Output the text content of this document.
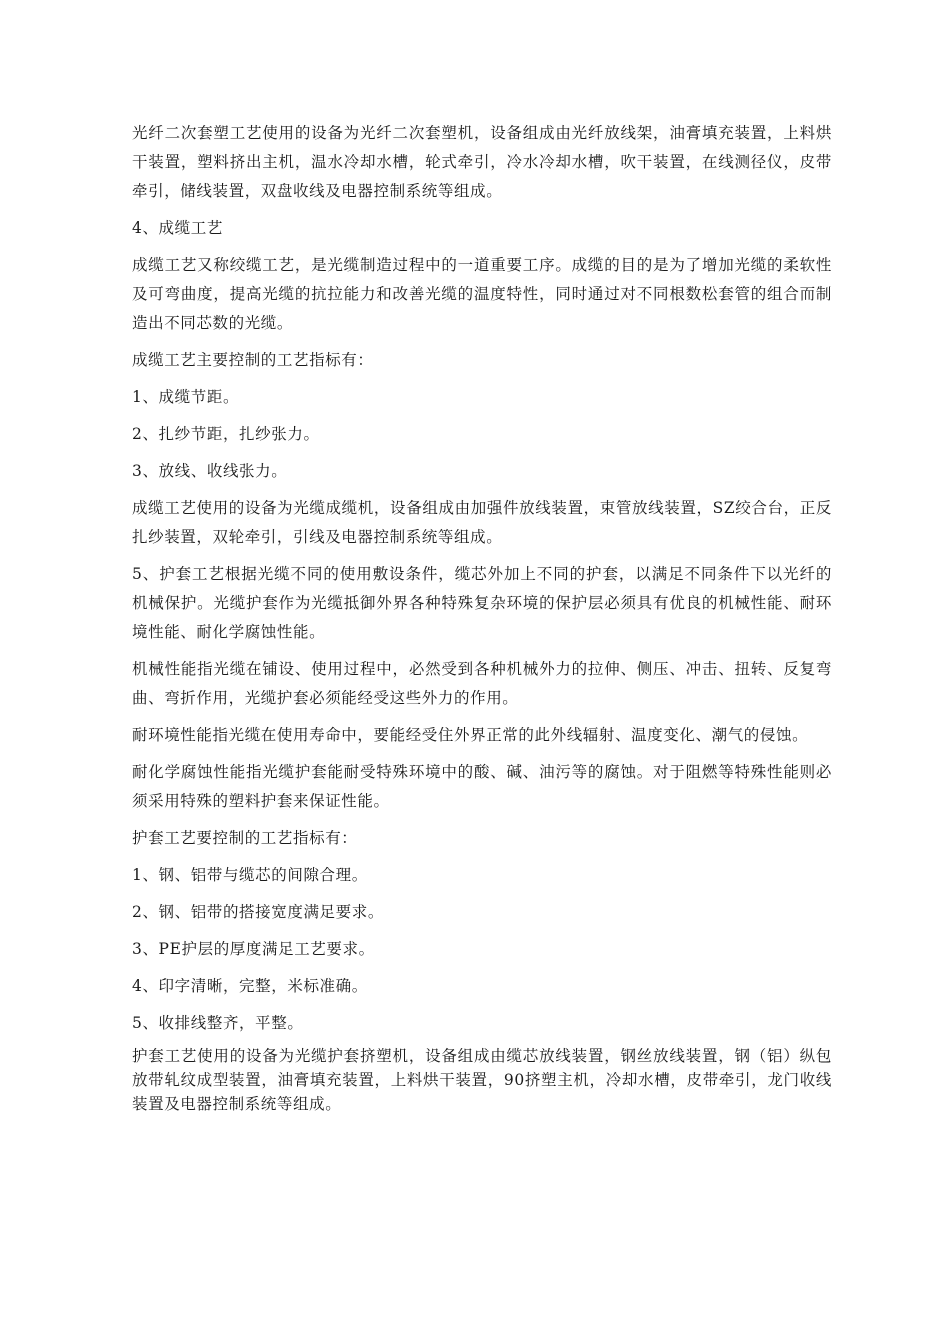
光纤二次套塑工艺使用的设备为光纤二次套塑机，设备组成由光纤放线架，油膏填充装置，上料烘干装置，塑料挤出主机，温水冷却水槽，轮式牵引，冷水冷却水槽，吹干装置，在线测径仪，皮带牵引，储线装置，双盘收线及电器控制系统等组成。

4、成缆工艺

成缆工艺又称绞缆工艺，是光缆制造过程中的一道重要工序。成缆的目的是为了增加光缆的柔软性及可弯曲度，提高光缆的抗拉能力和改善光缆的温度特性，同时通过对不同根数松套管的组合而制造出不同芯数的光缆。

成缆工艺主要控制的工艺指标有：

1、成缆节距。

2、扎纱节距，扎纱张力。

3、放线、收线张力。

成缆工艺使用的设备为光缆成缆机，设备组成由加强件放线装置，束管放线装置，SZ绞合台，正反扎纱装置，双轮牵引，引线及电器控制系统等组成。

5、护套工艺根据光缆不同的使用敷设条件，缆芯外加上不同的护套，以满足不同条件下以光纤的机械保护。光缆护套作为光缆抵御外界各种特殊复杂环境的保护层必须具有优良的机械性能、耐环境性能、耐化学腐蚀性能。

机械性能指光缆在铺设、使用过程中，必然受到各种机械外力的拉伸、侧压、冲击、扭转、反复弯曲、弯折作用，光缆护套必须能经受这些外力的作用。

耐环境性能指光缆在使用寿命中，要能经受住外界正常的此外线辐射、温度变化、潮气的侵蚀。

耐化学腐蚀性能指光缆护套能耐受特殊环境中的酸、碱、油污等的腐蚀。对于阻燃等特殊性能则必须采用特殊的塑料护套来保证性能。

护套工艺要控制的工艺指标有：

1、钢、铝带与缆芯的间隙合理。

2、钢、铝带的搭接宽度满足要求。

3、PE护层的厚度满足工艺要求。

4、印字清晰，完整，米标准确。

5、收排线整齐，平整。

护套工艺使用的设备为光缆护套挤塑机，设备组成由缆芯放线装置，钢丝放线装置，钢（铝）纵包放带轧纹成型装置，油膏填充装置，上料烘干装置，90挤塑主机，冷却水槽，皮带牵引，龙门收线装置及电器控制系统等组成。
